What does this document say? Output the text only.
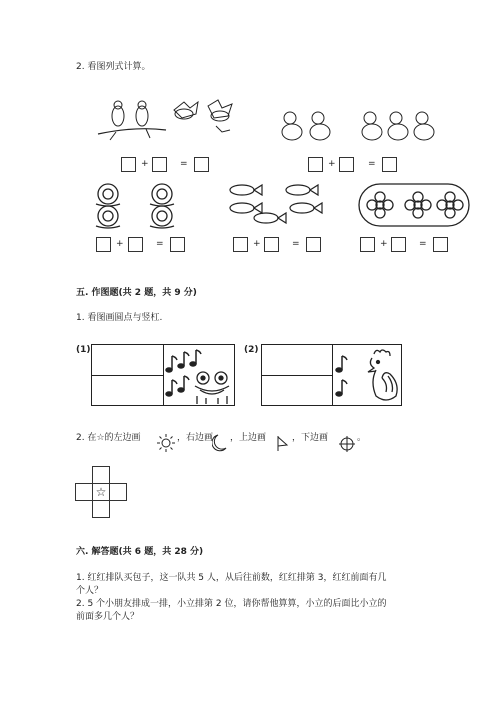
2. 看图列式计算。
+	=	+	=
+	=	+	=	+	=
五. 作图题(共 2 题，共 9 分)
1. 看图画圆点与竖杠.
(1)	(2)
2. 在☆的左边画	，右边画 ，上边画	，下边画	。
☆
六. 解答题(共 6 题，共 28 分)
1. 红红排队买包子，这一队共 5 人，从后往前数，红红排第 3，红红前面有几
个人？
2. 5 个小朋友排成一排，小立排第 2 位，请你帮他算算，小立的后面比小立的
前面多几个人？
